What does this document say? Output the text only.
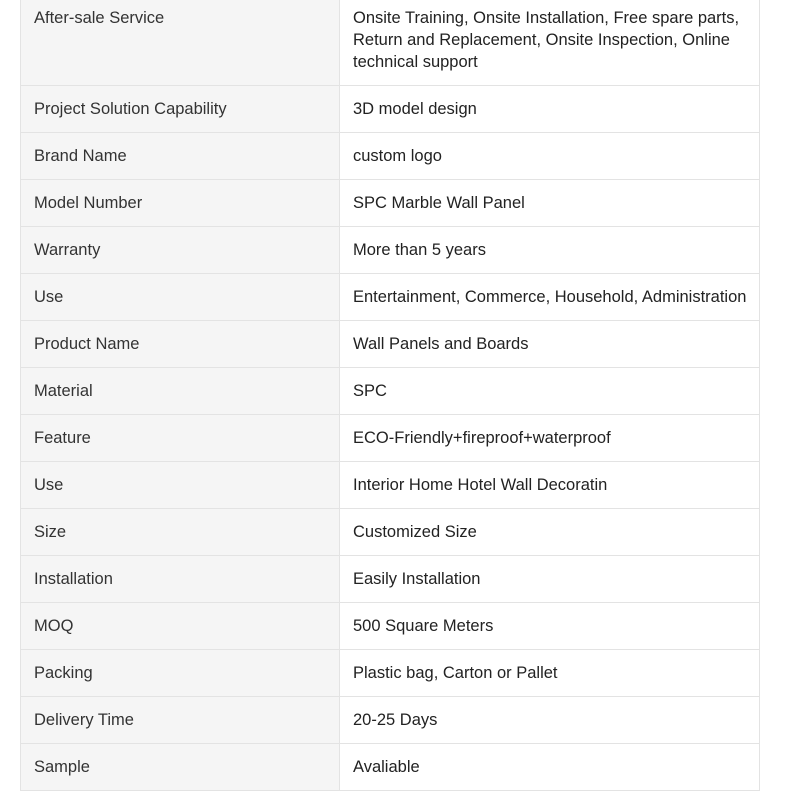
After-sale Service	Onsite Training, Onsite Installation, Free spare parts, Return and Replacement, Onsite Inspection, Online technical support
Project Solution Capability	3D model design
Brand Name	custom logo
Model Number	SPC Marble Wall Panel
Warranty	More than 5 years
Use	Entertainment, Commerce, Household, Administration
Product Name	Wall Panels and Boards
Material	SPC
Feature	ECO-Friendly+fireproof+waterproof
Use	Interior Home Hotel Wall Decoratin
Size	Customized Size
Installation	Easily Installation
MOQ	500 Square Meters
Packing	Plastic bag, Carton or Pallet
Delivery Time	20-25 Days
Sample	Avaliable
